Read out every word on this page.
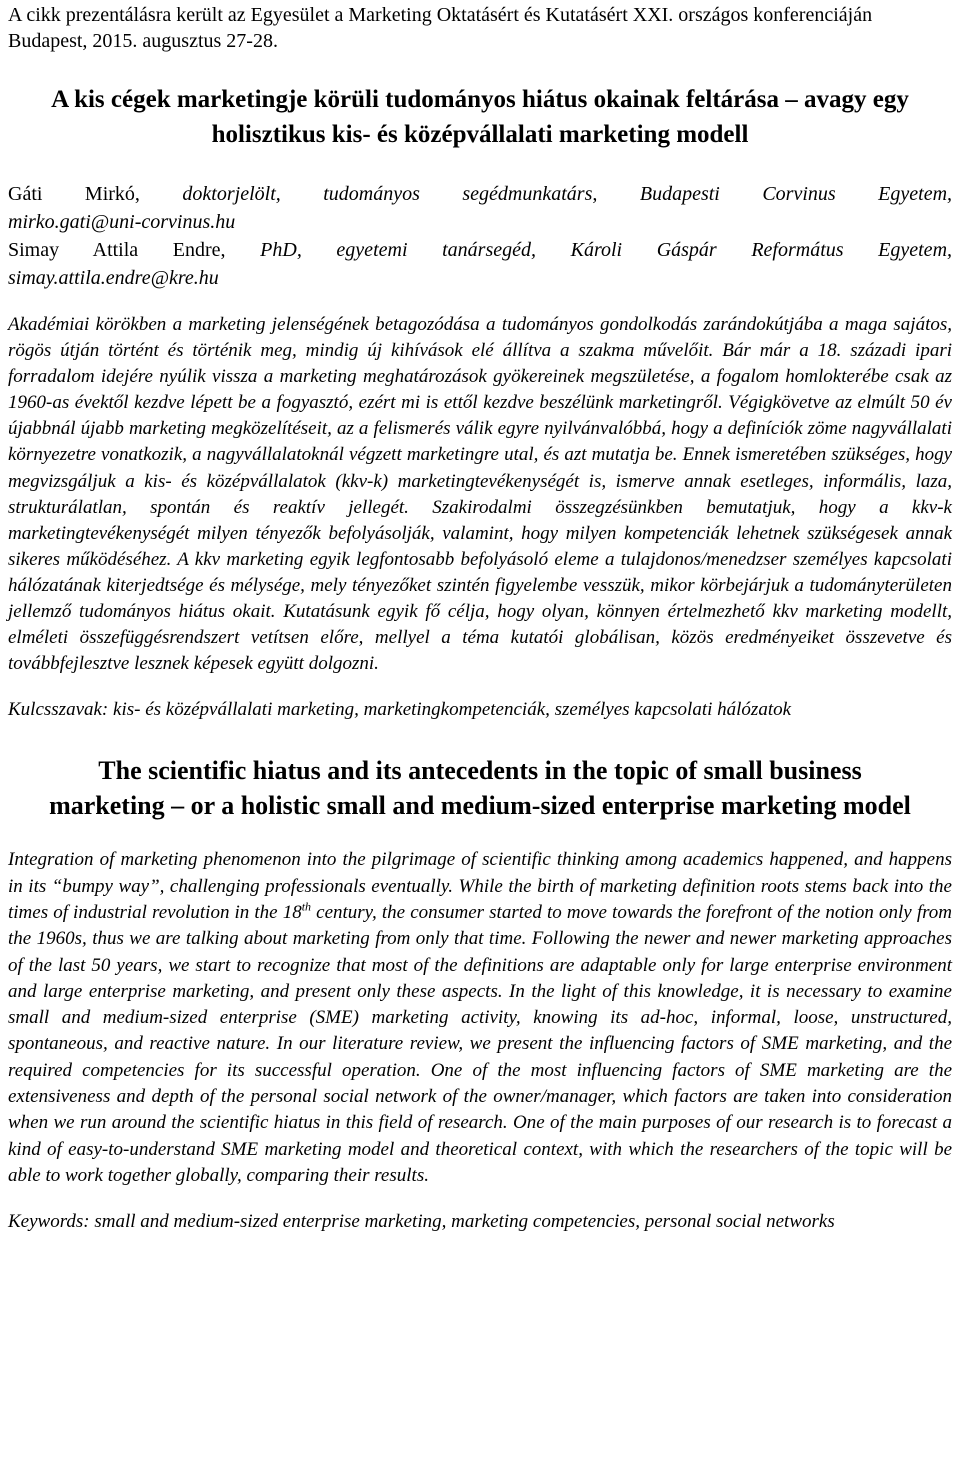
A cikk prezentálásra került az Egyesület a Marketing Oktatásért és Kutatásért XXI. országos konferenciáján
Budapest, 2015. augusztus 27-28.
A kis cégek marketingje körüli tudományos hiátus okainak feltárása – avagy egy holisztikus kis- és középvállalati marketing modell

Gáti Mirkó, doktorjelölt, tudományos segédmunkatárs, Budapesti Corvinus Egyetem,

mirko.gati@uni-corvinus.hu

Simay Attila Endre, PhD, egyetemi tanársegéd, Károli Gáspár Református Egyetem,

simay.attila.endre@kre.hu

Akadémiai körökben a marketing jelenségének betagozódása a tudományos gondolkodás zarándokútjába a maga sajátos, rögös útján történt és történik meg, mindig új kihívások elé állítva a szakma művelőit. Bár már a 18. századi ipari forradalom idejére nyúlik vissza a marketing meghatározások gyökereinek megszületése, a fogalom homlokterébe csak az 1960-as évektől kezdve lépett be a fogyasztó, ezért mi is ettől kezdve beszélünk marketingről. Végigkövetve az elmúlt 50 év újabbnál újabb marketing megközelítéseit, az a felismerés válik egyre nyilvánvalóbbá, hogy a definíciók zöme nagyvállalati környezetre vonatkozik, a nagyvállalatoknál végzett marketingre utal, és azt mutatja be. Ennek ismeretében szükséges, hogy megvizsgáljuk a kis- és középvállalatok (kkv-k) marketingtevékenységét is, ismerve annak esetleges, informális, laza, strukturálatlan, spontán és reaktív jellegét. Szakirodalmi összegzésünkben bemutatjuk, hogy a kkv-k marketingtevékenységét milyen tényezők befolyásolják, valamint, hogy milyen kompetenciák lehetnek szükségesek annak sikeres működéséhez. A kkv marketing egyik legfontosabb befolyásoló eleme a tulajdonos/menedzser személyes kapcsolati hálózatának kiterjedtsége és mélysége, mely tényezőket szintén figyelembe vesszük, mikor körbejárjuk a tudományterületen jellemző tudományos hiátus okait. Kutatásunk egyik fő célja, hogy olyan, könnyen értelmezhető kkv marketing modellt, elméleti összefüggésrendszert vetítsen előre, mellyel a téma kutatói globálisan, közös eredményeiket összevetve és továbbfejlesztve lesznek képesek együtt dolgozni.
Kulcsszavak: kis- és középvállalati marketing, marketingkompetenciák, személyes kapcsolati hálózatok
The scientific hiatus and its antecedents in the topic of small business marketing – or a holistic small and medium-sized enterprise marketing model
Integration of marketing phenomenon into the pilgrimage of scientific thinking among academics happened, and happens in its “bumpy way”, challenging professionals eventually. While the birth of marketing definition roots stems back into the times of industrial revolution in the 18th century, the consumer started to move towards the forefront of the notion only from the 1960s, thus we are talking about marketing from only that time. Following the newer and newer marketing approaches of the last 50 years, we start to recognize that most of the definitions are adaptable only for large enterprise environment and large enterprise marketing, and present only these aspects. In the light of this knowledge, it is necessary to examine small and medium-sized enterprise (SME) marketing activity, knowing its ad-hoc, informal, loose, unstructured, spontaneous, and reactive nature. In our literature review, we present the influencing factors of SME marketing, and the required competencies for its successful operation. One of the most influencing factors of SME marketing are the extensiveness and depth of the personal social network of the owner/manager, which factors are taken into consideration when we run around the scientific hiatus in this field of research. One of the main purposes of our research is to forecast a kind of easy-to-understand SME marketing model and theoretical context, with which the researchers of the topic will be able to work together globally, comparing their results.
Keywords: small and medium-sized enterprise marketing, marketing competencies, personal social networks
